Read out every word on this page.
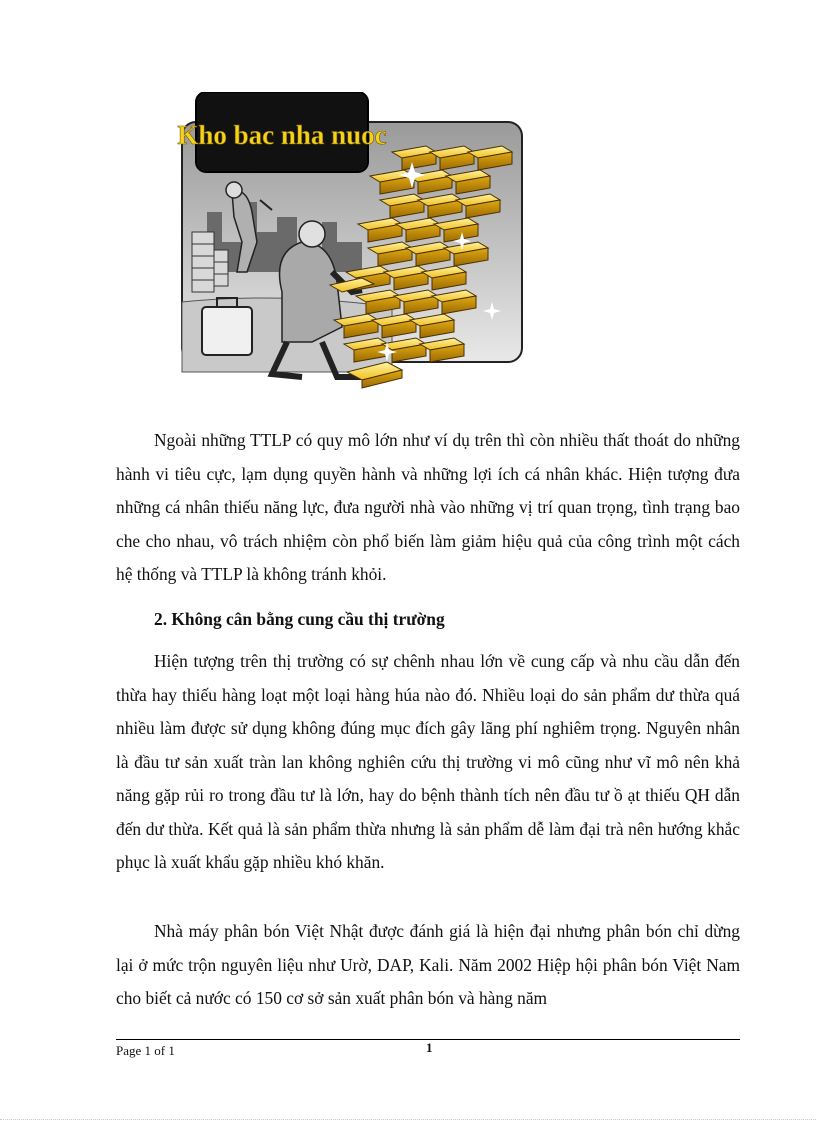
Kho bac nha nuoc

Ngoài những TTLP có quy mô lớn như ví dụ trên thì còn nhiều thất thoát do những hành vi tiêu cực, lạm dụng quyền hành và những lợi ích cá nhân khác. Hiện tượng đưa những cá nhân thiếu năng lực, đưa người nhà vào những vị trí quan trọng, tình trạng bao che cho nhau, vô trách nhiệm còn phổ biến làm giảm hiệu quả của công trình một cách hệ thống và TTLP là không tránh khỏi.

2. Không cân bằng cung cầu thị trường

Hiện tượng trên thị trường có sự chênh nhau lớn về cung cấp và nhu cầu dẫn đến thừa hay thiếu hàng loạt một loại hàng húa nào đó. Nhiều loại do sản phẩm dư thừa quá nhiều làm được sử dụng không đúng mục đích gây lãng phí nghiêm trọng. Nguyên nhân là đầu tư sản xuất tràn lan không nghiên cứu thị trường vi mô cũng như vĩ mô nên khả năng gặp rủi ro trong đầu tư là lớn, hay do bệnh thành tích nên đầu tư ồ ạt thiếu QH dẫn đến dư thừa. Kết quả là sản phẩm thừa nhưng là sản phẩm dễ làm đại trà nên hướng khắc phục là xuất khẩu gặp nhiều khó khăn.

Nhà máy phân bón Việt Nhật được đánh giá là hiện đại nhưng phân bón chỉ dừng lại ở mức trộn nguyên liệu như Urờ, DAP, Kali. Năm 2002 Hiệp hội phân bón Việt Nam cho biết cả nước có 150 cơ sở sản xuất phân bón và hàng năm

Page 1 of 1	1
